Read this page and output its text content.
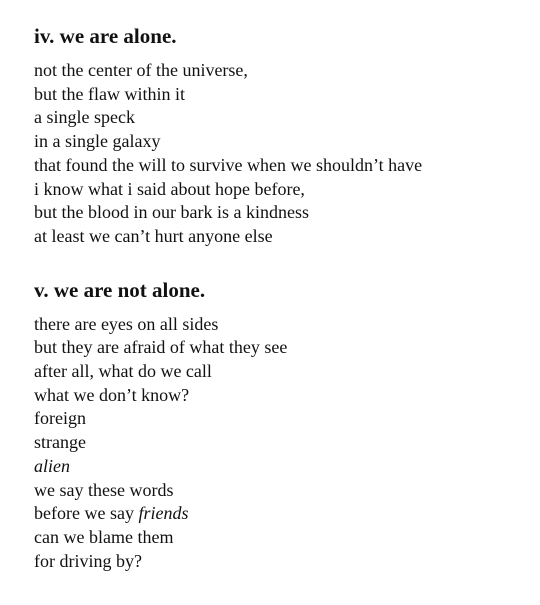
iv. we are alone.
not the center of the universe,
but the flaw within it
a single speck
in a single galaxy
that found the will to survive when we shouldn’t have
i know what i said about hope before,
but the blood in our bark is a kindness
at least we can’t hurt anyone else
v. we are not alone.
there are eyes on all sides
but they are afraid of what they see
after all, what do we call
what we don’t know?
foreign
strange
alien
we say these words
before we say friends
can we blame them
for driving by?
